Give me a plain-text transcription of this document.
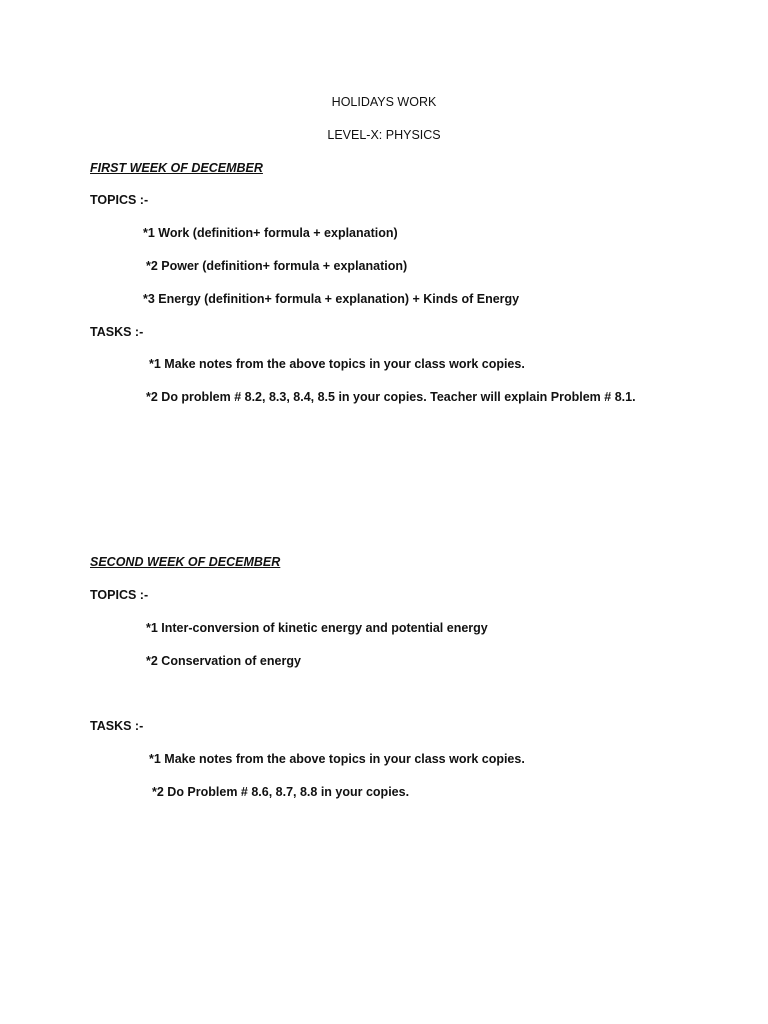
HOLIDAYS WORK
LEVEL-X: PHYSICS
FIRST WEEK OF DECEMBER
TOPICS :-
*1 Work (definition+ formula + explanation)
*2 Power (definition+ formula + explanation)
*3 Energy (definition+ formula + explanation) + Kinds of Energy
TASKS :-
*1 Make notes from the above topics in your class work copies.
*2 Do problem # 8.2, 8.3, 8.4, 8.5 in your copies. Teacher will explain Problem # 8.1.
SECOND WEEK OF DECEMBER
TOPICS :-
*1 Inter-conversion of kinetic energy and potential energy
*2 Conservation of energy
TASKS :-
*1 Make notes from the above topics in your class work copies.
*2 Do Problem # 8.6, 8.7, 8.8 in your copies.
